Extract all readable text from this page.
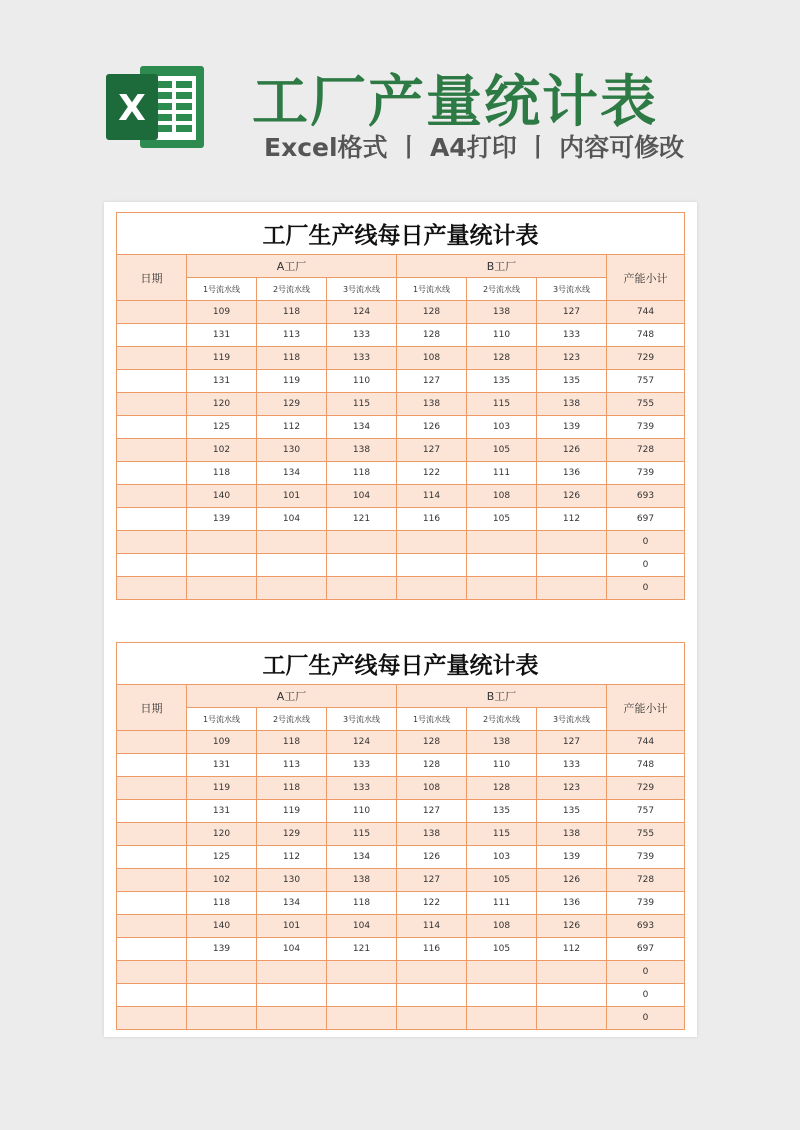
X 工厂产量统计表
Excel格式 丨 A4打印 丨 内容可修改
工厂生产线每日产量统计表							
日期	A工厂			B工厂			产能小计
	1号流水线	2号流水线	3号流水线	1号流水线	2号流水线	3号流水线	
	109	118	124	128	138	127	744
	131	113	133	128	110	133	748
	119	118	133	108	128	123	729
	131	119	110	127	135	135	757
	120	129	115	138	115	138	755
	125	112	134	126	103	139	739
	102	130	138	127	105	126	728
	118	134	118	122	111	136	739
	140	101	104	114	108	126	693
	139	104	121	116	105	112	697
							0
							0
							0
工厂生产线每日产量统计表							
日期	A工厂			B工厂			产能小计
	1号流水线	2号流水线	3号流水线	1号流水线	2号流水线	3号流水线	
	109	118	124	128	138	127	744
	131	113	133	128	110	133	748
	119	118	133	108	128	123	729
	131	119	110	127	135	135	757
	120	129	115	138	115	138	755
	125	112	134	126	103	139	739
	102	130	138	127	105	126	728
	118	134	118	122	111	136	739
	140	101	104	114	108	126	693
	139	104	121	116	105	112	697
							0
							0
							0
